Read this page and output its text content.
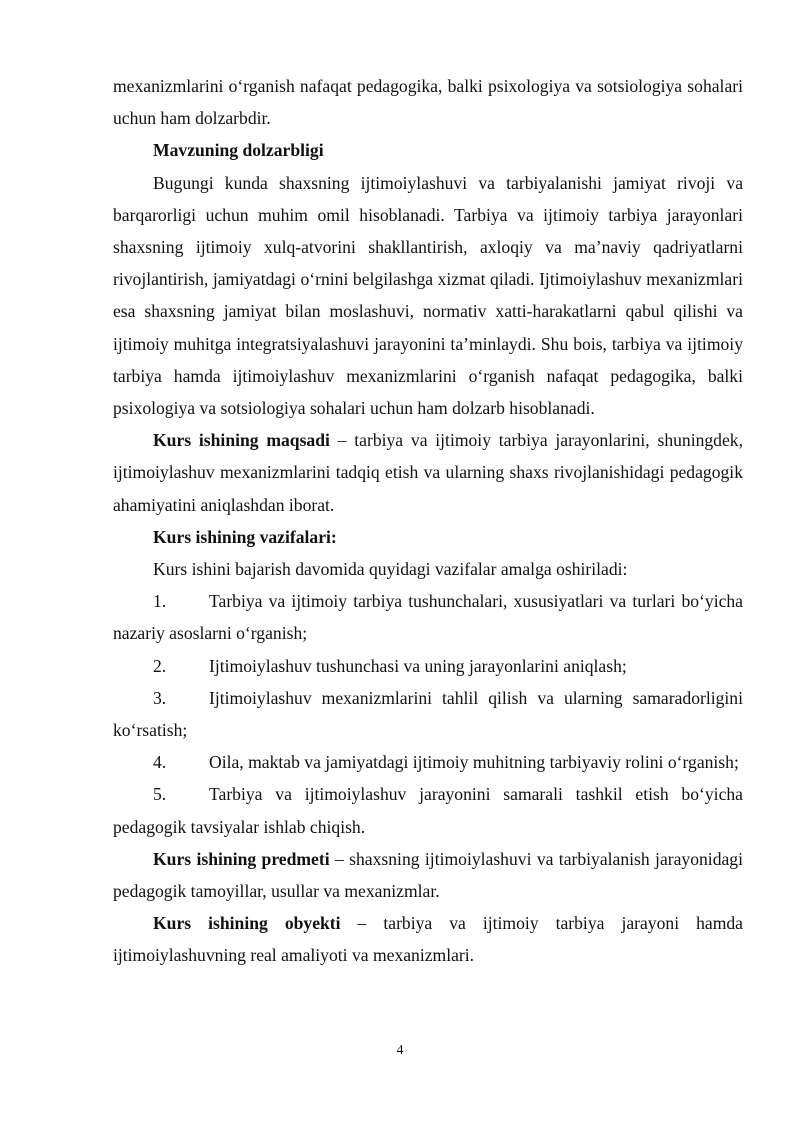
mexanizmlarini o‘rganish nafaqat pedagogika, balki psixologiya va sotsiologiya sohalari uchun ham dolzarbdir.

Mavzuning dolzarbligi

Bugungi kunda shaxsning ijtimoiylashuvi va tarbiyalanishi jamiyat rivoji va barqarorligi uchun muhim omil hisoblanadi. Tarbiya va ijtimoiy tarbiya jarayonlari shaxsning ijtimoiy xulq-atvorini shakllantirish, axloqiy va ma’naviy qadriyatlarni rivojlantirish, jamiyatdagi o‘rnini belgilashga xizmat qiladi. Ijtimoiylashuv mexanizmlari esa shaxsning jamiyat bilan moslashuvi, normativ xatti-harakatlarni qabul qilishi va ijtimoiy muhitga integratsiyalashuvi jarayonini ta’minlaydi. Shu bois, tarbiya va ijtimoiy tarbiya hamda ijtimoiylashuv mexanizmlarini o‘rganish nafaqat pedagogika, balki psixologiya va sotsiologiya sohalari uchun ham dolzarb hisoblanadi.

Kurs ishining maqsadi – tarbiya va ijtimoiy tarbiya jarayonlarini, shuningdek, ijtimoiylashuv mexanizmlarini tadqiq etish va ularning shaxs rivojlanishidagi pedagogik ahamiyatini aniqlashdan iborat.

Kurs ishining vazifalari:

Kurs ishini bajarish davomida quyidagi vazifalar amalga oshiriladi:

1. Tarbiya va ijtimoiy tarbiya tushunchalari, xususiyatlari va turlari bo‘yicha nazariy asoslarni o‘rganish;

2. Ijtimoiylashuv tushunchasi va uning jarayonlarini aniqlash;

3. Ijtimoiylashuv mexanizmlarini tahlil qilish va ularning samaradorligini ko‘rsatish;

4. Oila, maktab va jamiyatdagi ijtimoiy muhitning tarbiyaviy rolini o‘rganish;

5. Tarbiya va ijtimoiylashuv jarayonini samarali tashkil etish bo‘yicha pedagogik tavsiyalar ishlab chiqish.

Kurs ishining predmeti – shaxsning ijtimoiylashuvi va tarbiyalanish jarayonidagi pedagogik tamoyillar, usullar va mexanizmlar.

Kurs ishining obyekti – tarbiya va ijtimoiy tarbiya jarayoni hamda ijtimoiylashuvning real amaliyoti va mexanizmlari.

4
